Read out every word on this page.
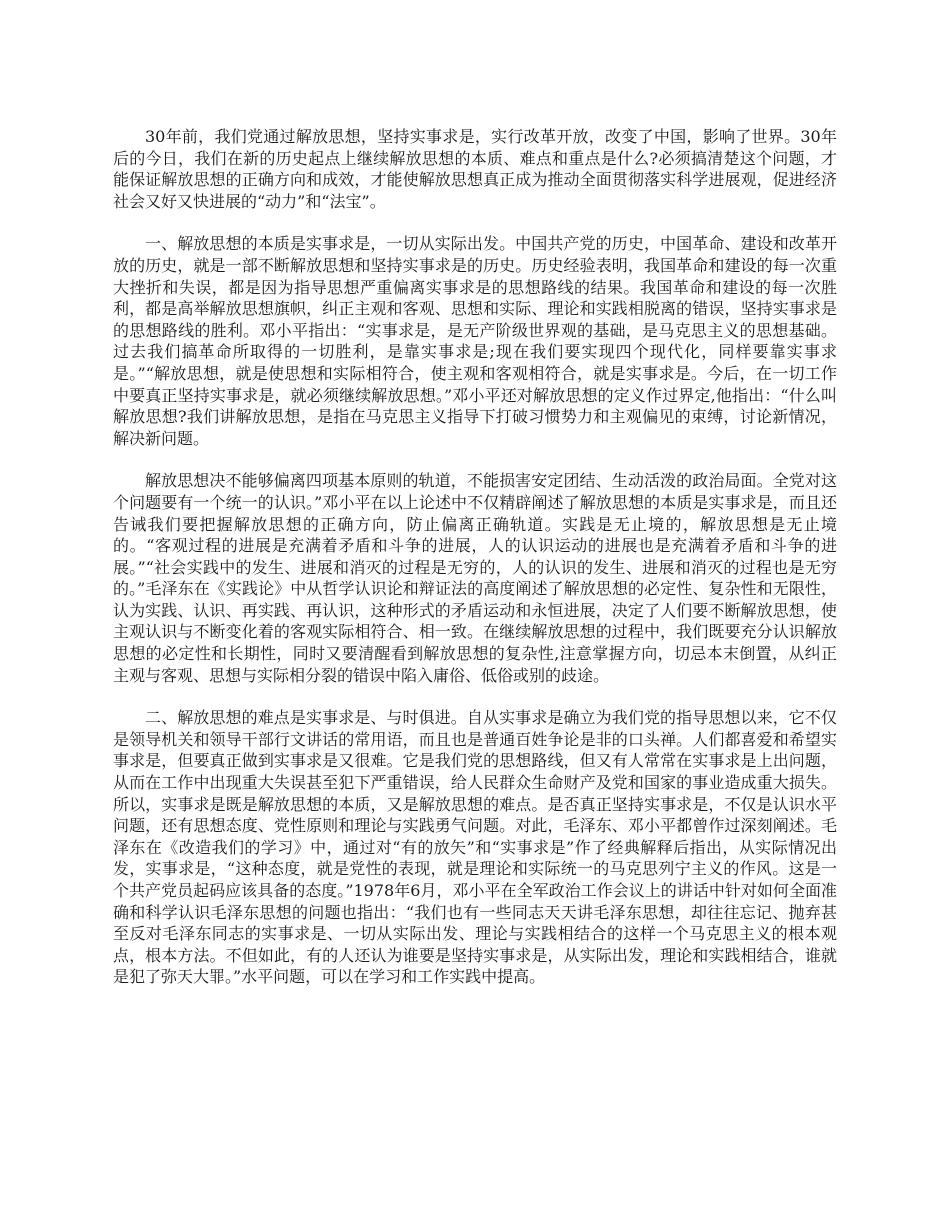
30年前，我们党通过解放思想，坚持实事求是，实行改革开放，改变了中国，影响了世界。30年后的今日，我们在新的历史起点上继续解放思想的本质、难点和重点是什么?必须搞清楚这个问题，才能保证解放思想的正确方向和成效，才能使解放思想真正成为推动全面贯彻落实科学进展观，促进经济社会又好又快进展的“动力”和“法宝”。

一、解放思想的本质是实事求是，一切从实际出发。中国共产党的历史，中国革命、建设和改革开放的历史，就是一部不断解放思想和坚持实事求是的历史。历史经验表明，我国革命和建设的每一次重大挫折和失误，都是因为指导思想严重偏离实事求是的思想路线的结果。我国革命和建设的每一次胜利，都是高举解放思想旗帜，纠正主观和客观、思想和实际、理论和实践相脱离的错误，坚持实事求是的思想路线的胜利。邓小平指出：“实事求是，是无产阶级世界观的基础，是马克思主义的思想基础。过去我们搞革命所取得的一切胜利，是靠实事求是;现在我们要实现四个现代化，同样要靠实事求是。”“解放思想，就是使思想和实际相符合，使主观和客观相符合，就是实事求是。今后，在一切工作中要真正坚持实事求是，就必须继续解放思想。”邓小平还对解放思想的定义作过界定,他指出：“什么叫解放思想?我们讲解放思想，是指在马克思主义指导下打破习惯势力和主观偏见的束缚，讨论新情况，解决新问题。

解放思想决不能够偏离四项基本原则的轨道，不能损害安定团结、生动活泼的政治局面。全党对这个问题要有一个统一的认识。”邓小平在以上论述中不仅精辟阐述了解放思想的本质是实事求是，而且还告诫我们要把握解放思想的正确方向，防止偏离正确轨道。实践是无止境的，解放思想是无止境的。“客观过程的进展是充满着矛盾和斗争的进展，人的认识运动的进展也是充满着矛盾和斗争的进展。”“社会实践中的发生、进展和消灭的过程是无穷的，人的认识的发生、进展和消灭的过程也是无穷的。”毛泽东在《实践论》中从哲学认识论和辩证法的高度阐述了解放思想的必定性、复杂性和无限性，认为实践、认识、再实践、再认识，这种形式的矛盾运动和永恒进展，决定了人们要不断解放思想，使主观认识与不断变化着的客观实际相符合、相一致。在继续解放思想的过程中，我们既要充分认识解放思想的必定性和长期性，同时又要清醒看到解放思想的复杂性,注意掌握方向，切忌本末倒置，从纠正主观与客观、思想与实际相分裂的错误中陷入庸俗、低俗或别的歧途。

二、解放思想的难点是实事求是、与时俱进。自从实事求是确立为我们党的指导思想以来，它不仅是领导机关和领导干部行文讲话的常用语，而且也是普通百姓争论是非的口头禅。人们都喜爱和希望实事求是，但要真正做到实事求是又很难。它是我们党的思想路线，但又有人常常在实事求是上出问题，从而在工作中出现重大失误甚至犯下严重错误，给人民群众生命财产及党和国家的事业造成重大损失。所以，实事求是既是解放思想的本质，又是解放思想的难点。是否真正坚持实事求是，不仅是认识水平问题，还有思想态度、党性原则和理论与实践勇气问题。对此，毛泽东、邓小平都曾作过深刻阐述。毛泽东在《改造我们的学习》中，通过对“有的放矢”和“实事求是”作了经典解释后指出，从实际情况出发，实事求是，“这种态度，就是党性的表现，就是理论和实际统一的马克思列宁主义的作风。这是一个共产党员起码应该具备的态度。”1978年6月，邓小平在全军政治工作会议上的讲话中针对如何全面准确和科学认识毛泽东思想的问题也指出：“我们也有一些同志天天讲毛泽东思想，却往往忘记、抛弃甚至反对毛泽东同志的实事求是、一切从实际出发、理论与实践相结合的这样一个马克思主义的根本观点，根本方法。不但如此，有的人还认为谁要是坚持实事求是，从实际出发，理论和实践相结合，谁就是犯了弥天大罪。”水平问题，可以在学习和工作实践中提高。
